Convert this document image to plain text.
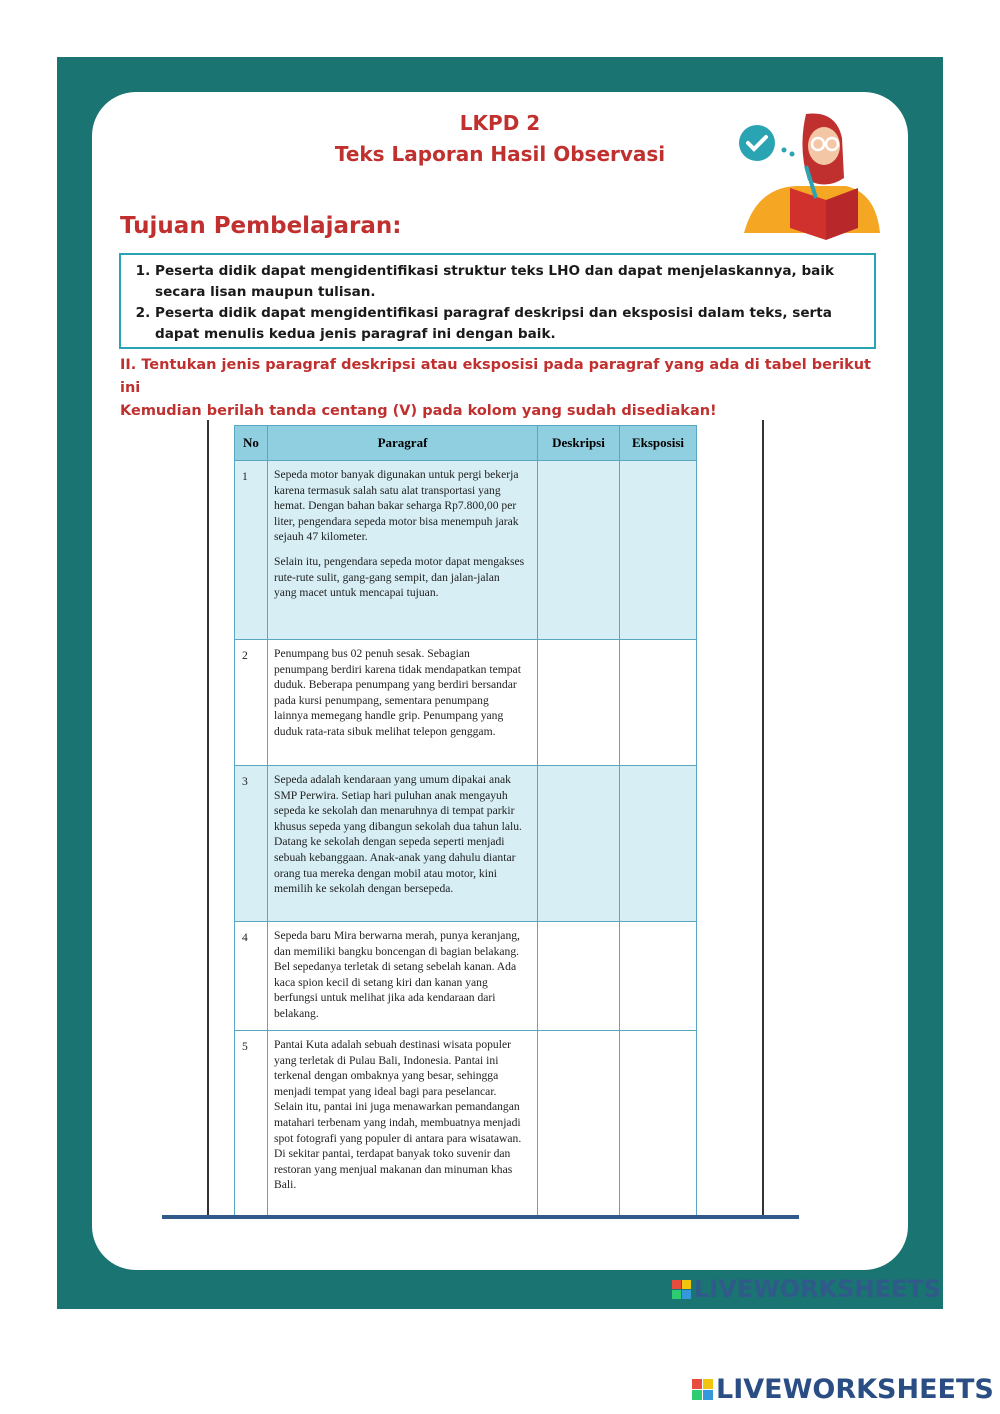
LKPD 2
Teks Laporan Hasil Observasi
Tujuan Pembelajaran:
1. Peserta didik dapat mengidentifikasi struktur teks LHO dan dapat menjelaskannya, baik secara lisan maupun tulisan.
2. Peserta didik dapat mengidentifikasi paragraf deskripsi dan eksposisi dalam teks, serta dapat menulis kedua jenis paragraf ini dengan baik.
II. Tentukan jenis paragraf deskripsi atau eksposisi pada paragraf yang ada di tabel berikut ini
Kemudian berilah tanda centang (V) pada kolom yang sudah disediakan!
No	Paragraf	Deskripsi	Eksposisi
1	Sepeda motor banyak digunakan untuk pergi bekerja karena termasuk salah satu alat transportasi yang hemat. Dengan bahan bakar seharga Rp7.800,00 per liter, pengendara sepeda motor bisa menempuh jarak sejauh 47 kilometer.

Selain itu, pengendara sepeda motor dapat mengakses rute-rute sulit, gang-gang sempit, dan jalan-jalan yang macet untuk mencapai tujuan.		

2	Penumpang bus 02 penuh sesak. Sebagian penumpang berdiri karena tidak mendapatkan tempat duduk. Beberapa penumpang yang berdiri bersandar pada kursi penumpang, sementara penumpang lainnya memegang handle grip. Penumpang yang duduk rata-rata sibuk melihat telepon genggam.		

3	Sepeda adalah kendaraan yang umum dipakai anak SMP Perwira. Setiap hari puluhan anak mengayuh sepeda ke sekolah dan menaruhnya di tempat parkir khusus sepeda yang dibangun sekolah dua tahun lalu. Datang ke sekolah dengan sepeda seperti menjadi sebuah kebanggaan. Anak-anak yang dahulu diantar orang tua mereka dengan mobil atau motor, kini memilih ke sekolah dengan bersepeda.		

4	Sepeda baru Mira berwarna merah, punya keranjang, dan memiliki bangku boncengan di bagian belakang. Bel sepedanya terletak di setang sebelah kanan. Ada kaca spion kecil di setang kiri dan kanan yang berfungsi untuk melihat jika ada kendaraan dari belakang.		

5	Pantai Kuta adalah sebuah destinasi wisata populer yang terletak di Pulau Bali, Indonesia. Pantai ini terkenal dengan ombaknya yang besar, sehingga menjadi tempat yang ideal bagi para peselancar. Selain itu, pantai ini juga menawarkan pemandangan matahari terbenam yang indah, membuatnya menjadi spot fotografi yang populer di antara para wisatawan. Di sekitar pantai, terdapat banyak toko suvenir dan restoran yang menjual makanan dan minuman khas Bali.		

LIVEWORKSHEETS
LIVEWORKSHEETS
